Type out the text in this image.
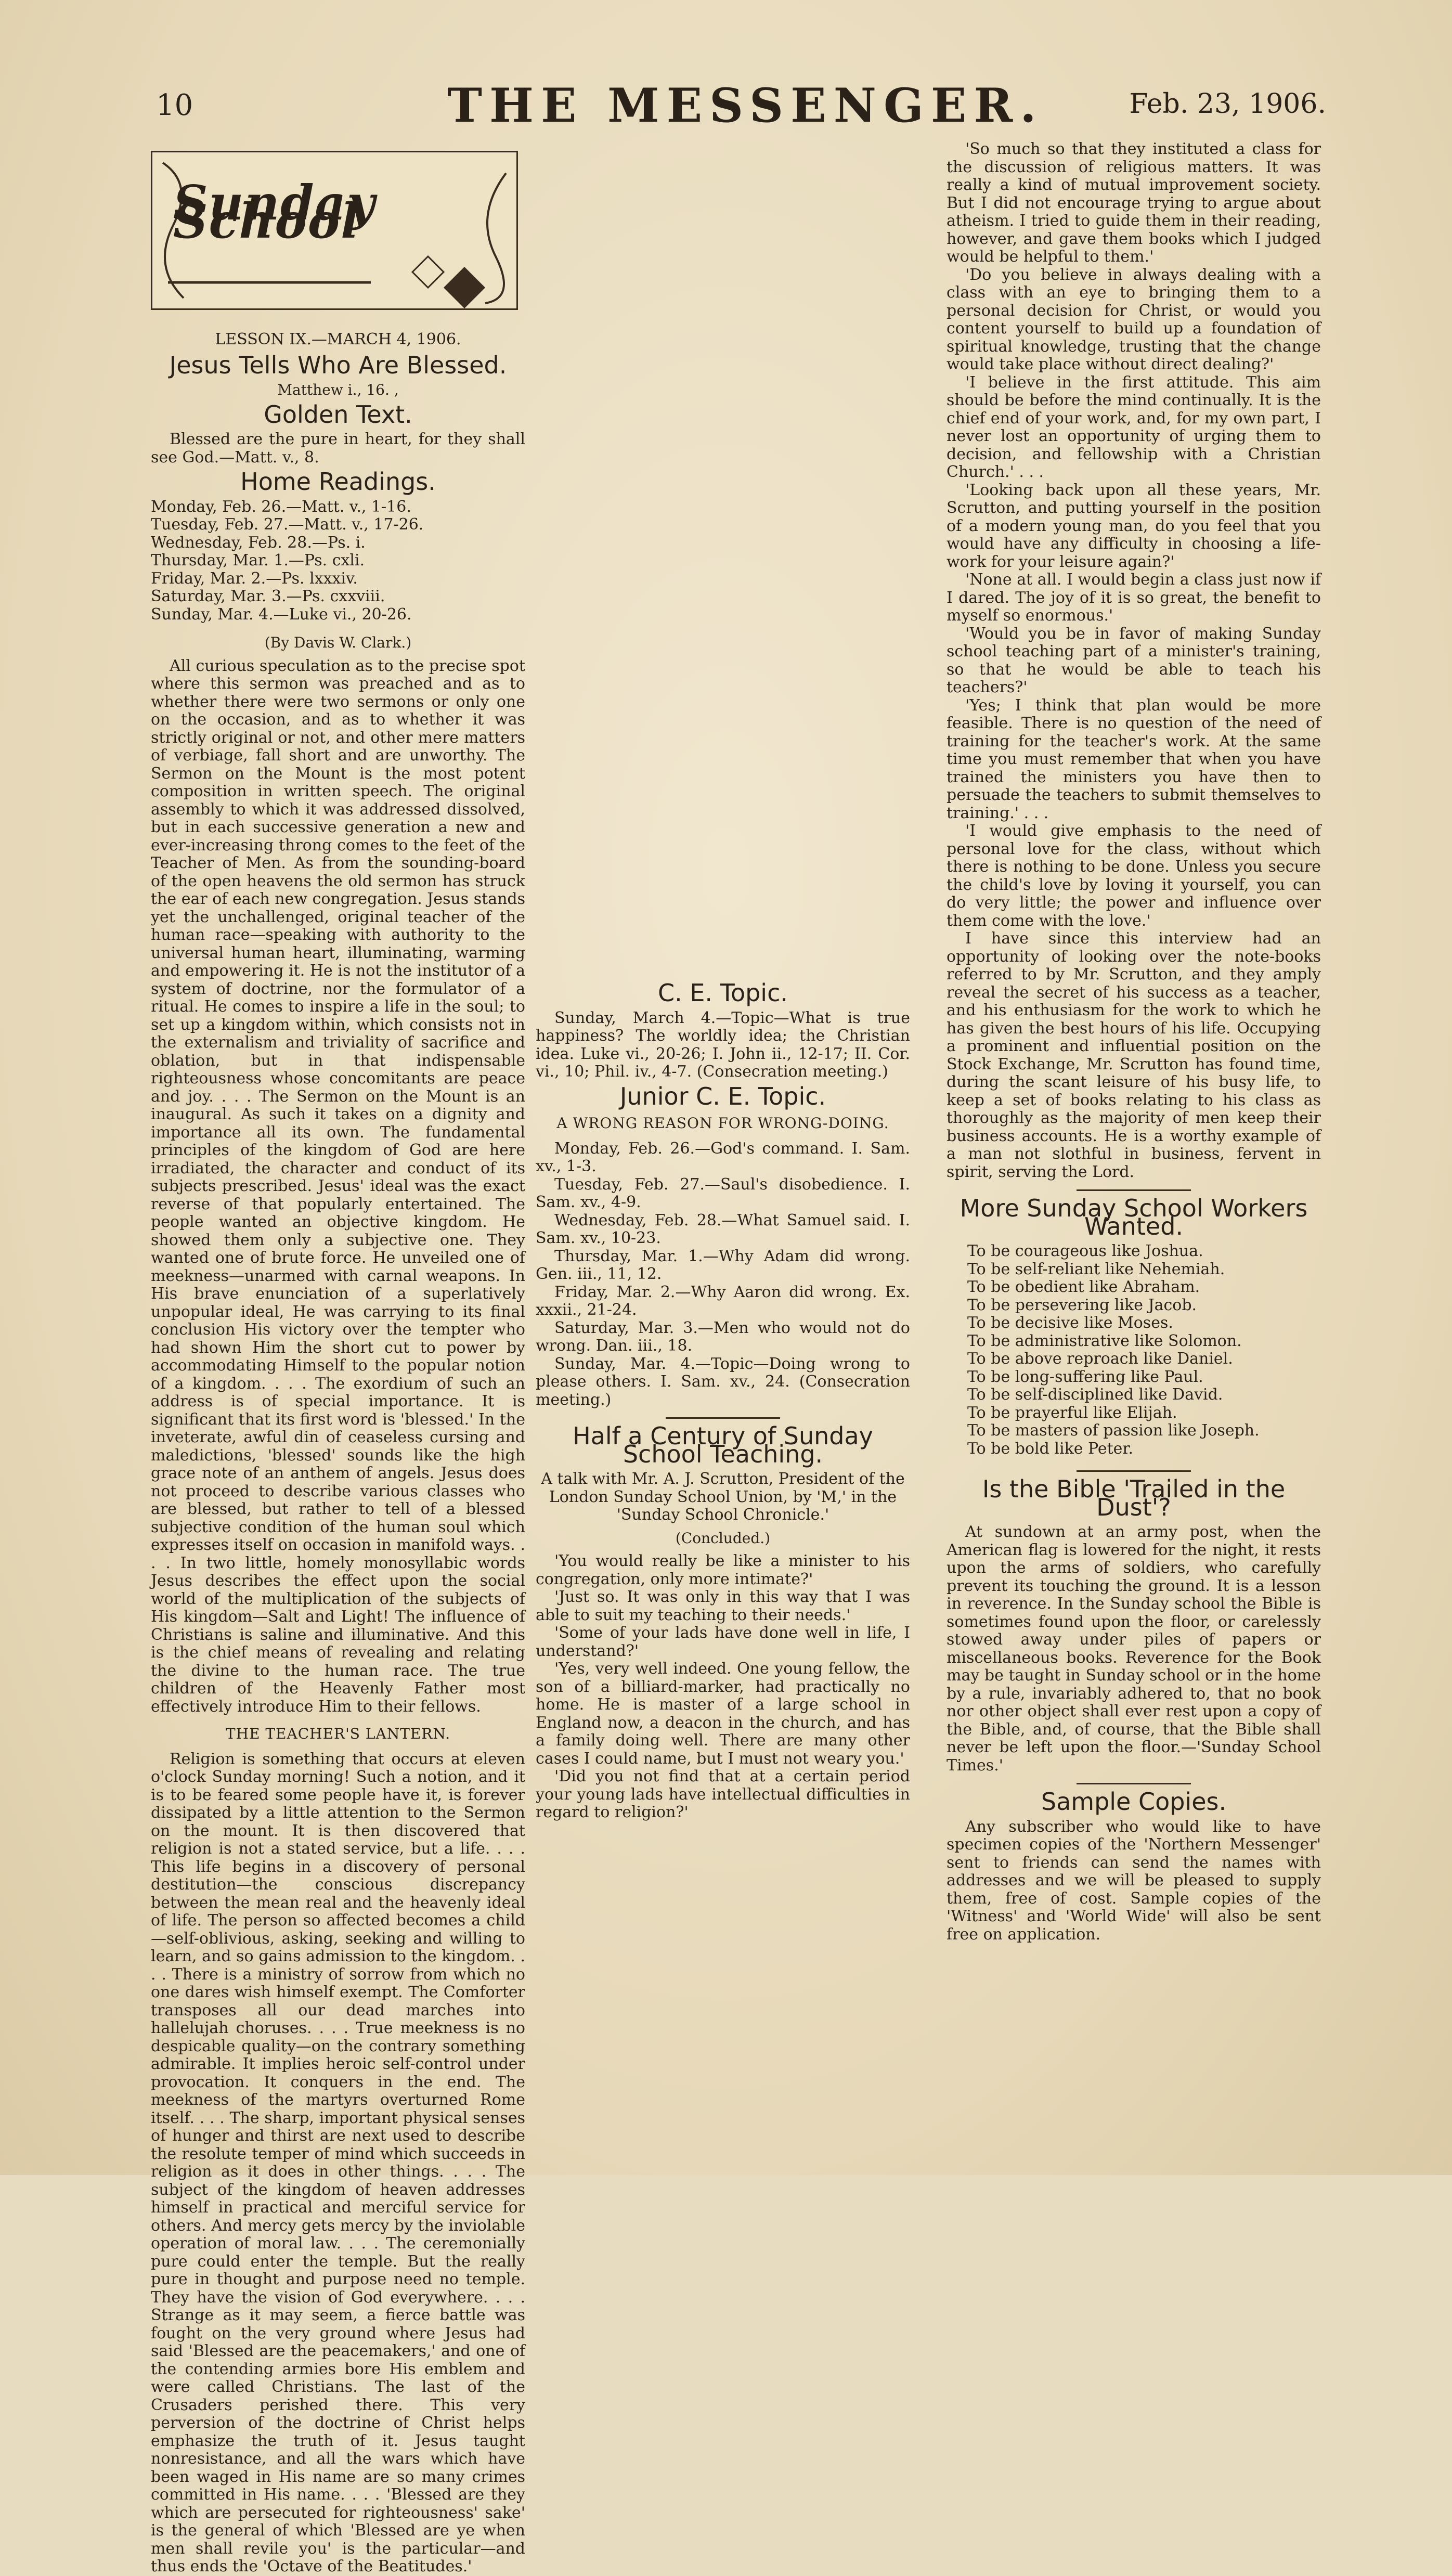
10	THE MESSENGER.	Feb. 23, 1906.
Sunday School
LESSON IX.—MARCH 4, 1906.
Jesus Tells Who Are Blessed.
Matthew i., 16. ,
Golden Text.

Blessed are the pure in heart, for they shall see God.—Matt. v., 8.

Home Readings.
Monday, Feb. 26.—Matt. v., 1-16.
Tuesday, Feb. 27.—Matt. v., 17-26.
Wednesday, Feb. 28.—Ps. i.
Thursday, Mar. 1.—Ps. cxli.
Friday, Mar. 2.—Ps. lxxxiv.
Saturday, Mar. 3.—Ps. cxxviii.
Sunday, Mar. 4.—Luke vi., 20-26.
(By Davis W. Clark.)

All curious speculation as to the precise spot where this sermon was preached and as to whether there were two sermons or only one on the occasion, and as to whether it was strictly original or not, and other mere matters of verbiage, fall short and are unworthy. The Sermon on the Mount is the most potent composition in written speech. The original assembly to which it was addressed dissolved, but in each successive generation a new and ever-increasing throng comes to the feet of the Teacher of Men. As from the sounding-board of the open heavens the old sermon has struck the ear of each new congregation. Jesus stands yet the unchallenged, original teacher of the human race—speaking with authority to the universal human heart, illuminating, warming and empowering it. He is not the institutor of a system of doctrine, nor the formulator of a ritual. He comes to inspire a life in the soul; to set up a kingdom within, which consists not in the externalism and triviality of sacrifice and oblation, but in that indispensable righteousness whose concomitants are peace and joy. . . . The Sermon on the Mount is an inaugural. As such it takes on a dignity and importance all its own. The fundamental principles of the kingdom of God are here irradiated, the character and conduct of its subjects prescribed. Jesus' ideal was the exact reverse of that popularly entertained. The people wanted an objective kingdom. He showed them only a subjective one. They wanted one of brute force. He unveiled one of meekness—unarmed with carnal weapons. In His brave enunciation of a superlatively unpopular ideal, He was carrying to its final conclusion His victory over the tempter who had shown Him the short cut to power by accommodating Himself to the popular notion of a kingdom. . . . The exordium of such an address is of special importance. It is significant that its first word is 'blessed.' In the inveterate, awful din of ceaseless cursing and maledictions, 'blessed' sounds like the high grace note of an anthem of angels. Jesus does not proceed to describe various classes who are blessed, but rather to tell of a blessed subjective condition of the human soul which expresses itself on occasion in manifold ways. . . . In two little, homely monosyllabic words Jesus describes the effect upon the social world of the multiplication of the subjects of His kingdom—Salt and Light! The influence of Christians is saline and illuminative. And this is the chief means of revealing and relating the divine to the human race. The true children of the Heavenly Father most effectively introduce Him to their fellows.

THE TEACHER'S LANTERN.

Religion is something that occurs at eleven o'clock Sunday morning! Such a notion, and it is to be feared some people have it, is forever dissipated by a little attention to the Sermon on the mount. It is then discovered that religion is not a stated service, but a life. . . . This life begins in a discovery of personal destitution—the conscious discrepancy between the mean real and the heavenly ideal of life. The person so affected becomes a child—self-oblivious, asking, seeking and willing to learn, and so gains admission to the kingdom. . . . There is a ministry of sorrow from which no one dares wish himself exempt. The Comforter transposes all our dead marches into hallelujah choruses. . . . True meekness is no despicable quality—on the contrary something admirable. It implies heroic self-control under provocation. It conquers in the end. The meekness of the martyrs overturned Rome itself. . . . The sharp, important physical senses of hunger and thirst are next used to describe the resolute temper of mind which succeeds in religion as it does in other things. . . . The subject of the kingdom of heaven addresses himself in practical and merciful service for others. And mercy gets mercy by the inviolable operation of moral law. . . . The ceremonially pure could enter the temple. But the really pure in thought and purpose need no temple. They have the vision of God everywhere. . . . Strange as it may seem, a fierce battle was fought on the very ground where Jesus had said 'Blessed are the peacemakers,' and one of the contending armies bore His emblem and were called Christians. The last of the Crusaders perished there. This very perversion of the doctrine of Christ helps emphasize the truth of it. Jesus taught nonresistance, and all the wars which have been waged in His name are so many crimes committed in His name. . . . 'Blessed are they which are persecuted for righteousness' sake' is the general of which 'Blessed are ye when men shall revile you' is the particular—and thus ends the 'Octave of the Beatitudes.'

C. E. Topic.

Sunday, March 4.—Topic—What is true happiness? The worldly idea; the Christian idea. Luke vi., 20-26; I. John ii., 12-17; II. Cor. vi., 10; Phil. iv., 4-7. (Consecration meeting.)

Junior C. E. Topic.
A WRONG REASON FOR WRONG-DOING.

Monday, Feb. 26.—God's command. I. Sam. xv., 1-3.

Tuesday, Feb. 27.—Saul's disobedience. I. Sam. xv., 4-9.

Wednesday, Feb. 28.—What Samuel said. I. Sam. xv., 10-23.

Thursday, Mar. 1.—Why Adam did wrong. Gen. iii., 11, 12.

Friday, Mar. 2.—Why Aaron did wrong. Ex. xxxii., 21-24.

Saturday, Mar. 3.—Men who would not do wrong. Dan. iii., 18.

Sunday, Mar. 4.—Topic—Doing wrong to please others. I. Sam. xv., 24. (Consecration meeting.)

Half a Century of Sunday School Teaching.

A talk with Mr. A. J. Scrutton, President of the London Sunday School Union, by 'M,' in the 'Sunday School Chronicle.'

(Concluded.)

'You would really be like a minister to his congregation, only more intimate?'

'Just so. It was only in this way that I was able to suit my teaching to their needs.'

'Some of your lads have done well in life, I understand?'

'Yes, very well indeed. One young fellow, the son of a billiard-marker, had practically no home. He is master of a large school in England now, a deacon in the church, and has a family doing well. There are many other cases I could name, but I must not weary you.'

'Did you not find that at a certain period your young lads have intellectual difficulties in regard to religion?'

'So much so that they instituted a class for the discussion of religious matters. It was really a kind of mutual improvement society. But I did not encourage trying to argue about atheism. I tried to guide them in their reading, however, and gave them books which I judged would be helpful to them.'

'Do you believe in always dealing with a class with an eye to bringing them to a personal decision for Christ, or would you content yourself to build up a foundation of spiritual knowledge, trusting that the change would take place without direct dealing?'

'I believe in the first attitude. This aim should be before the mind continually. It is the chief end of your work, and, for my own part, I never lost an opportunity of urging them to decision, and fellowship with a Christian Church.' . . .

'Looking back upon all these years, Mr. Scrutton, and putting yourself in the position of a modern young man, do you feel that you would have any difficulty in choosing a life-work for your leisure again?'

'None at all. I would begin a class just now if I dared. The joy of it is so great, the benefit to myself so enormous.'

'Would you be in favor of making Sunday school teaching part of a minister's training, so that he would be able to teach his teachers?'

'Yes; I think that plan would be more feasible. There is no question of the need of training for the teacher's work. At the same time you must remember that when you have trained the ministers you have then to persuade the teachers to submit themselves to training.' . . .

'I would give emphasis to the need of personal love for the class, without which there is nothing to be done. Unless you secure the child's love by loving it yourself, you can do very little; the power and influence over them come with the love.'

I have since this interview had an opportunity of looking over the note-books referred to by Mr. Scrutton, and they amply reveal the secret of his success as a teacher, and his enthusiasm for the work to which he has given the best hours of his life. Occupying a prominent and influential position on the Stock Exchange, Mr. Scrutton has found time, during the scant leisure of his busy life, to keep a set of books relating to his class as thoroughly as the majority of men keep their business accounts. He is a worthy example of a man not slothful in business, fervent in spirit, serving the Lord.

More Sunday School Workers Wanted.
To be courageous like Joshua.
To be self-reliant like Nehemiah.
To be obedient like Abraham.
To be persevering like Jacob.
To be decisive like Moses.
To be administrative like Solomon.
To be above reproach like Daniel.
To be long-suffering like Paul.
To be self-disciplined like David.
To be prayerful like Elijah.
To be masters of passion like Joseph.
To be bold like Peter.
Is the Bible 'Trailed in the Dust'?

At sundown at an army post, when the American flag is lowered for the night, it rests upon the arms of soldiers, who carefully prevent its touching the ground. It is a lesson in reverence. In the Sunday school the Bible is sometimes found upon the floor, or carelessly stowed away under piles of papers or miscellaneous books. Reverence for the Book may be taught in Sunday school or in the home by a rule, invariably adhered to, that no book nor other object shall ever rest upon a copy of the Bible, and, of course, that the Bible shall never be left upon the floor.—'Sunday School Times.'

Sample Copies.

Any subscriber who would like to have specimen copies of the 'Northern Messenger' sent to friends can send the names with addresses and we will be pleased to supply them, free of cost. Sample copies of the 'Witness' and 'World Wide' will also be sent free on application.
